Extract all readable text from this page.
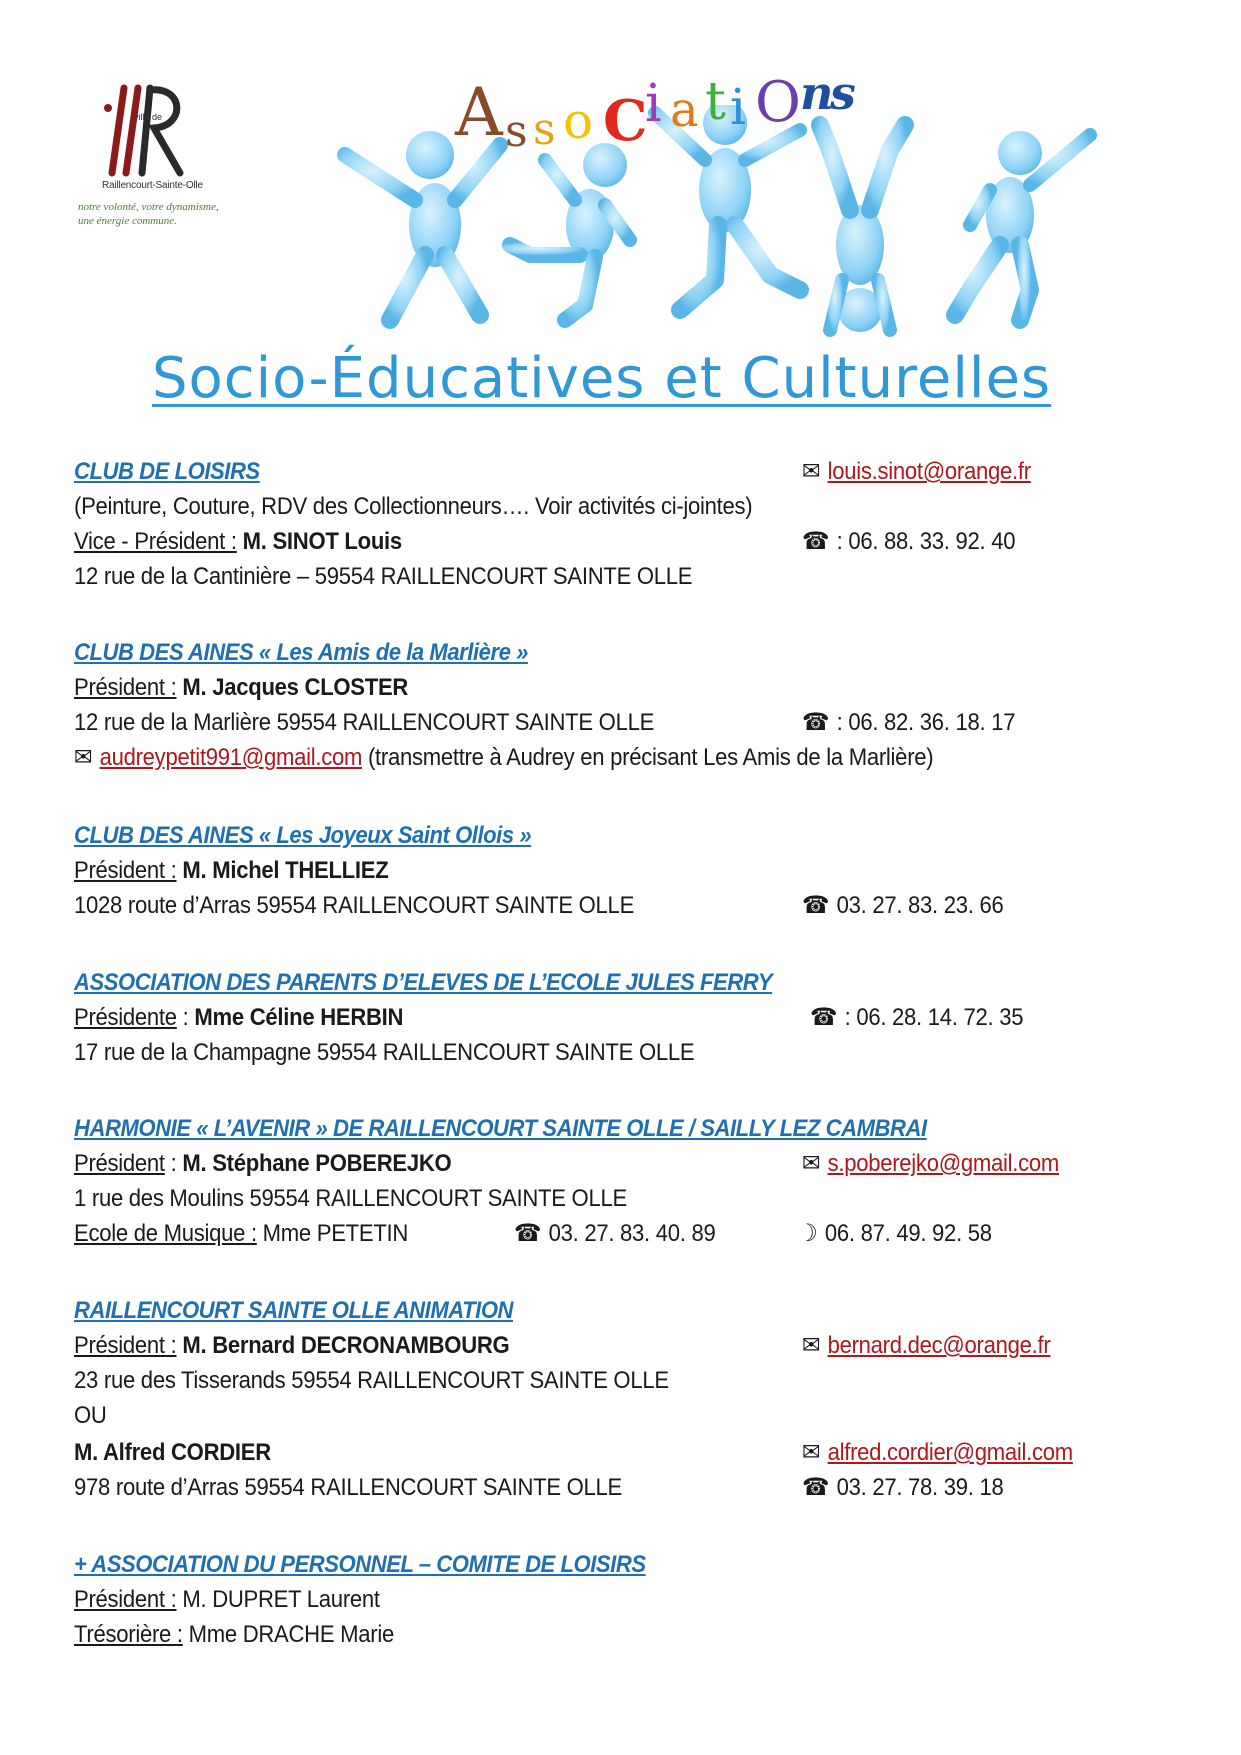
ville de
Raillencourt-Sainte-Olle
notre volonté, votre dynamisme,
une énergie commune.
A s s o C
i a t i O n
s
Socio-Éducatives et Culturelles
CLUB DE LOISIRS	✉ louis.sinot@orange.fr
(Peinture, Couture, RDV des Collectionneurs…. Voir activités ci-jointes)
Vice - Président : M. SINOT Louis	☎ : 06. 88. 33. 92. 40
12 rue de la Cantinière – 59554 RAILLENCOURT SAINTE OLLE
CLUB DES AINES « Les Amis de la Marlière »
Président : M. Jacques CLOSTER
12 rue de la Marlière 59554 RAILLENCOURT SAINTE OLLE	☎ : 06. 82. 36. 18. 17
✉ audreypetit991@gmail.com (transmettre à Audrey en précisant Les Amis de la Marlière)
CLUB DES AINES « Les Joyeux Saint Ollois »
Président : M. Michel THELLIEZ
1028 route d’Arras 59554 RAILLENCOURT SAINTE OLLE	☎ 03. 27. 83. 23. 66
ASSOCIATION DES PARENTS D’ELEVES DE L’ECOLE JULES FERRY
Présidente : Mme Céline HERBIN	☎ : 06. 28. 14. 72. 35
17 rue de la Champagne 59554 RAILLENCOURT SAINTE OLLE
HARMONIE « L’AVENIR » DE RAILLENCOURT SAINTE OLLE / SAILLY LEZ CAMBRAI
Président : M. Stéphane POBEREJKO	✉ s.poberejko@gmail.com
1 rue des Moulins 59554 RAILLENCOURT SAINTE OLLE
Ecole de Musique : Mme PETETIN	☎ 03. 27. 83. 40. 89	☽ 06. 87. 49. 92. 58
RAILLENCOURT SAINTE OLLE ANIMATION
Président : M. Bernard DECRONAMBOURG	✉ bernard.dec@orange.fr
23 rue des Tisserands 59554 RAILLENCOURT SAINTE OLLE
OU
M. Alfred CORDIER	✉ alfred.cordier@gmail.com
978 route d’Arras 59554 RAILLENCOURT SAINTE OLLE	☎ 03. 27. 78. 39. 18
+ ASSOCIATION DU PERSONNEL – COMITE DE LOISIRS
Président : M. DUPRET Laurent
Trésorière : Mme DRACHE Marie
